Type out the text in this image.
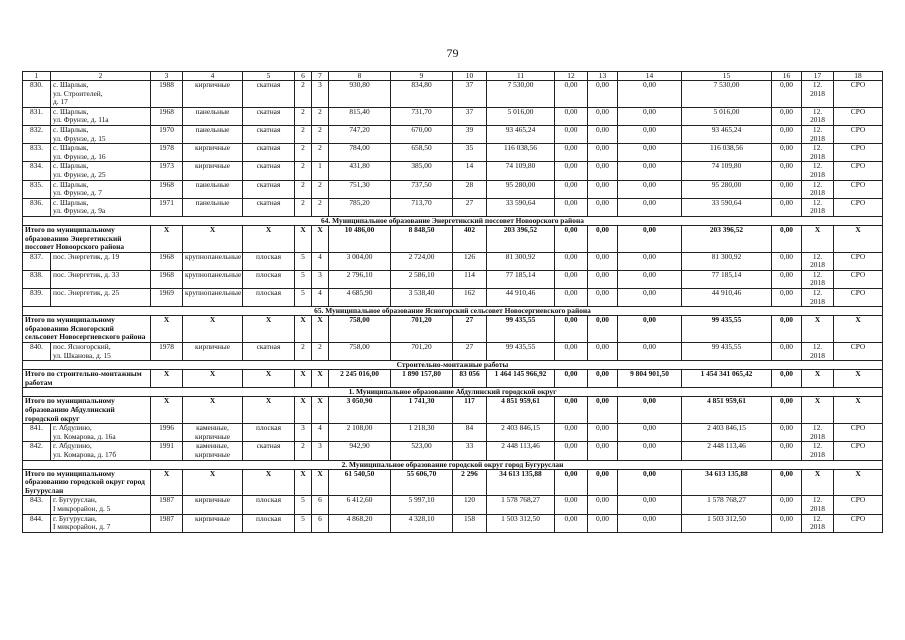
79
1	2	3	4	5	6	7	8	9	10	11	12	13	14	15	16	17	18
830.	с. Шарлык,
ул. Строителей,
д. 17	1988	кирпичные	скатная	2	3	930,80	834,80	37	7 530,00	0,00	0,00	0,00	7 530,00	0,00	12.
2018	СРО
831.	с. Шарлык,
ул. Фрунзе, д. 11а	1968	панельные	скатная	2	2	815,40	731,70	37	5 016,00	0,00	0,00	0,00	5 016,00	0,00	12.
2018	СРО
832.	с. Шарлык,
ул. Фрунзе, д. 15	1970	панельные	скатная	2	2	747,20	670,00	39	93 465,24	0,00	0,00	0,00	93 465,24	0,00	12.
2018	СРО
833.	с. Шарлык,
ул. Фрунзе, д. 16	1978	кирпичные	скатная	2	2	784,00	658,50	35	116 038,56	0,00	0,00	0,00	116 038,56	0,00	12.
2018	СРО
834.	с. Шарлык,
ул. Фрунзе, д. 25	1973	кирпичные	скатная	2	1	431,80	385,00	14	74 109,80	0,00	0,00	0,00	74 109,80	0,00	12.
2018	СРО
835.	с. Шарлык,
ул. Фрунзе, д. 7	1968	панельные	скатная	2	2	751,30	737,50	28	95 280,00	0,00	0,00	0,00	95 280,00	0,00	12.
2018	СРО
836.	с. Шарлык,
ул. Фрунзе, д. 9а	1971	панельные	скатная	2	2	785,20	713,70	27	33 590,64	0,00	0,00	0,00	33 590,64	0,00	12.
2018	СРО
64. Муниципальное образование Энергетикский поссовет Новоорского района																	
Итого по муниципальному образованию Энергетикский поссовет Новоорского района		X	X	X	X	X	10 486,00	8 848,50	402	203 396,52	0,00	0,00	0,00	203 396,52	0,00	X	X
837.	пос. Энергетик, д. 19	1968	крупнопанельные	плоская	5	4	3 004,00	2 724,00	126	81 300,92	0,00	0,00	0,00	81 300,92	0,00	12.
2018	СРО
838.	пос. Энергетик, д. 33	1968	крупнопанельные	плоская	5	3	2 796,10	2 586,10	114	77 185,14	0,00	0,00	0,00	77 185,14	0,00	12.
2018	СРО
839.	пос. Энергетик, д. 25	1969	крупнопанельные	плоская	5	4	4 685,90	3 538,40	162	44 910,46	0,00	0,00	0,00	44 910,46	0,00	12.
2018	СРО
65. Муниципальное образование Ясногорский сельсовет Новосергиевского района																	
Итого по муниципальному образованию Ясногорский сельсовет Новосергиевского района		X	X	X	X	X	758,00	701,20	27	99 435,55	0,00	0,00	0,00	99 435,55	0,00	X	X
840.	пос. Ясногорский,
ул. Шканова, д. 15	1978	кирпичные	скатная	2	2	758,00	701,20	27	99 435,55	0,00	0,00	0,00	99 435,55	0,00	12.
2018	СРО
Строительно-монтажные работы																	
Итого по строительно-монтажным работам		X	X	X	X	X	2 245 016,00	1 890 157,80	83 056	1 464 145 966,92	0,00	0,00	9 804 901,50	1 454 341 065,42	0,00	X	X
1. Муниципальное образование Абдулинский городской округ																	
Итого по муниципальному образованию Абдулинский городской округ		X	X	X	X	X	3 050,90	1 741,30	117	4 851 959,61	0,00	0,00	0,00	4 851 959,61	0,00	X	X
841.	г. Абдулино,
ул. Комарова, д. 16а	1996	каменные,
кирпичные	плоская	3	4	2 108,00	1 218,30	84	2 403 846,15	0,00	0,00	0,00	2 403 846,15	0,00	12.
2018	СРО
842.	г. Абдулино,
ул. Комарова, д. 17б	1991	каменные,
кирпичные	скатная	2	3	942,90	523,00	33	2 448 113,46	0,00	0,00	0,00	2 448 113,46	0,00	12.
2018	СРО
2. Муниципальное образование городской округ город Бугуруслан																	
Итого по муниципальному образованию городской округ город Бугуруслан		X	X	X	X	X	61 540,50	55 606,70	2 296	34 613 135,88	0,00	0,00	0,00	34 613 135,88	0,00	X	X
843.	г. Бугуруслан,
I микрорайон, д. 5	1987	кирпичные	плоская	5	6	6 412,60	5 997,10	120	1 578 768,27	0,00	0,00	0,00	1 578 768,27	0,00	12.
2018	СРО
844.	г. Бугуруслан,
I микрорайон, д. 7	1987	кирпичные	плоская	5	6	4 868,20	4 328,10	158	1 503 312,50	0,00	0,00	0,00	1 503 312,50	0,00	12.
2018	СРО
